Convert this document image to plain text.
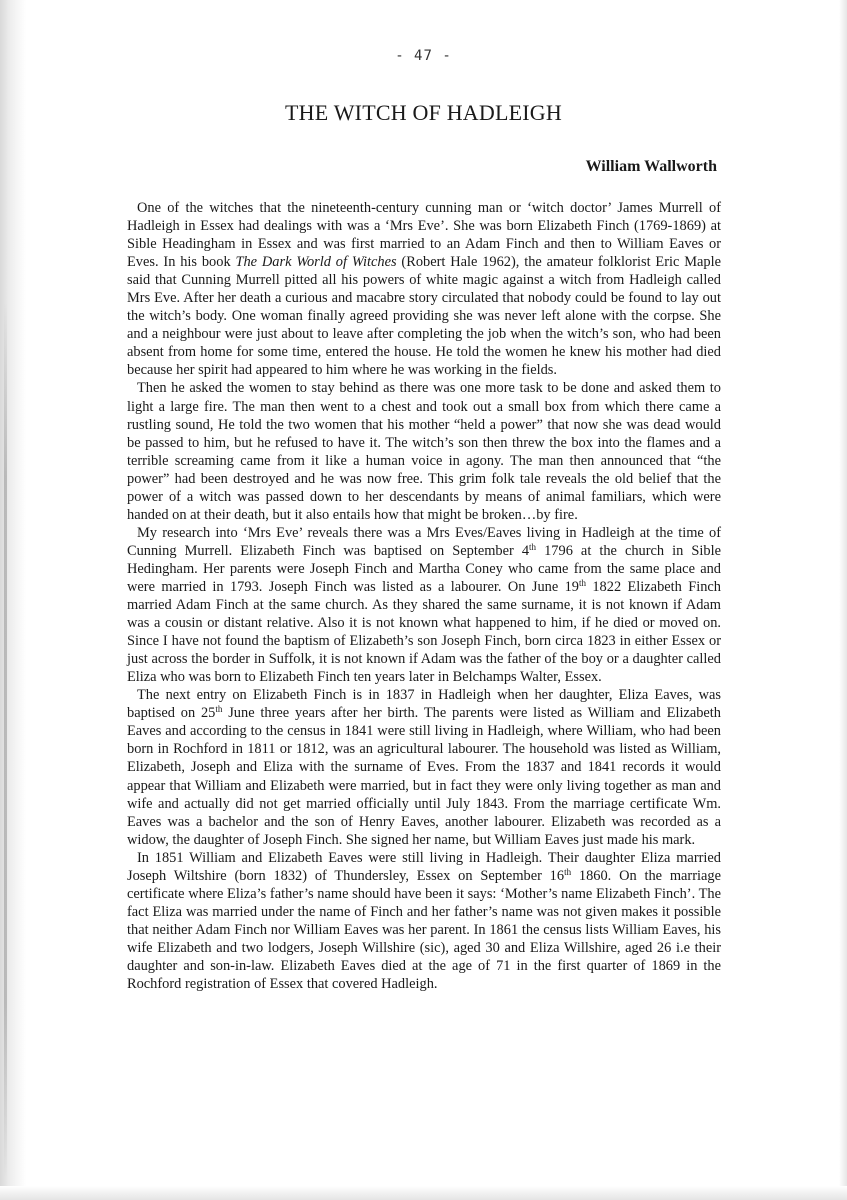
- 47 -
THE WITCH OF HADLEIGH
William Wallworth

One of the witches that the nineteenth-century cunning man or ‘witch doctor’ James Murrell of Hadleigh in Essex had dealings with was a ‘Mrs Eve’. She was born Elizabeth Finch (1769-1869) at Sible Headingham in Essex and was first married to an Adam Finch and then to William Eaves or Eves. In his book The Dark World of Witches (Robert Hale 1962), the amateur folklorist Eric Maple said that Cunning Murrell pitted all his powers of white magic against a witch from Hadleigh called Mrs Eve. After her death a curious and macabre story circulated that nobody could be found to lay out the witch’s body. One woman finally agreed providing she was never left alone with the corpse. She and a neighbour were just about to leave after completing the job when the witch’s son, who had been absent from home for some time, entered the house. He told the women he knew his mother had died because her spirit had appeared to him where he was working in the fields.

Then he asked the women to stay behind as there was one more task to be done and asked them to light a large fire. The man then went to a chest and took out a small box from which there came a rustling sound, He told the two women that his mother “held a power” that now she was dead would be passed to him, but he refused to have it. The witch’s son then threw the box into the flames and a terrible screaming came from it like a human voice in agony. The man then announced that “the power” had been destroyed and he was now free. This grim folk tale reveals the old belief that the power of a witch was passed down to her descendants by means of animal familiars, which were handed on at their death, but it also entails how that might be broken…by fire.

My research into ‘Mrs Eve’ reveals there was a Mrs Eves/Eaves living in Hadleigh at the time of Cunning Murrell. Elizabeth Finch was baptised on September 4th 1796 at the church in Sible Hedingham. Her parents were Joseph Finch and Martha Coney who came from the same place and were married in 1793. Joseph Finch was listed as a labourer. On June 19th 1822 Elizabeth Finch married Adam Finch at the same church. As they shared the same surname, it is not known if Adam was a cousin or distant relative. Also it is not known what happened to him, if he died or moved on. Since I have not found the baptism of Elizabeth’s son Joseph Finch, born circa 1823 in either Essex or just across the border in Suffolk, it is not known if Adam was the father of the boy or a daughter called Eliza who was born to Elizabeth Finch ten years later in Belchamps Walter, Essex.

The next entry on Elizabeth Finch is in 1837 in Hadleigh when her daughter, Eliza Eaves, was baptised on 25th June three years after her birth. The parents were listed as William and Elizabeth Eaves and according to the census in 1841 were still living in Hadleigh, where William, who had been born in Rochford in 1811 or 1812, was an agricultural labourer. The household was listed as William, Elizabeth, Joseph and Eliza with the surname of Eves. From the 1837 and 1841 records it would appear that William and Elizabeth were married, but in fact they were only living together as man and wife and actually did not get married officially until July 1843. From the marriage certificate Wm. Eaves was a bachelor and the son of Henry Eaves, another labourer. Elizabeth was recorded as a widow, the daughter of Joseph Finch. She signed her name, but William Eaves just made his mark.

In 1851 William and Elizabeth Eaves were still living in Hadleigh. Their daughter Eliza married Joseph Wiltshire (born 1832) of Thundersley, Essex on September 16th 1860. On the marriage certificate where Eliza’s father’s name should have been it says: ‘Mother’s name Elizabeth Finch’. The fact Eliza was married under the name of Finch and her father’s name was not given makes it possible that neither Adam Finch nor William Eaves was her parent. In 1861 the census lists William Eaves, his wife Elizabeth and two lodgers, Joseph Willshire (sic), aged 30 and Eliza Willshire, aged 26 i.e their daughter and son-in-law. Elizabeth Eaves died at the age of 71 in the first quarter of 1869 in the Rochford registration of Essex that covered Hadleigh.
